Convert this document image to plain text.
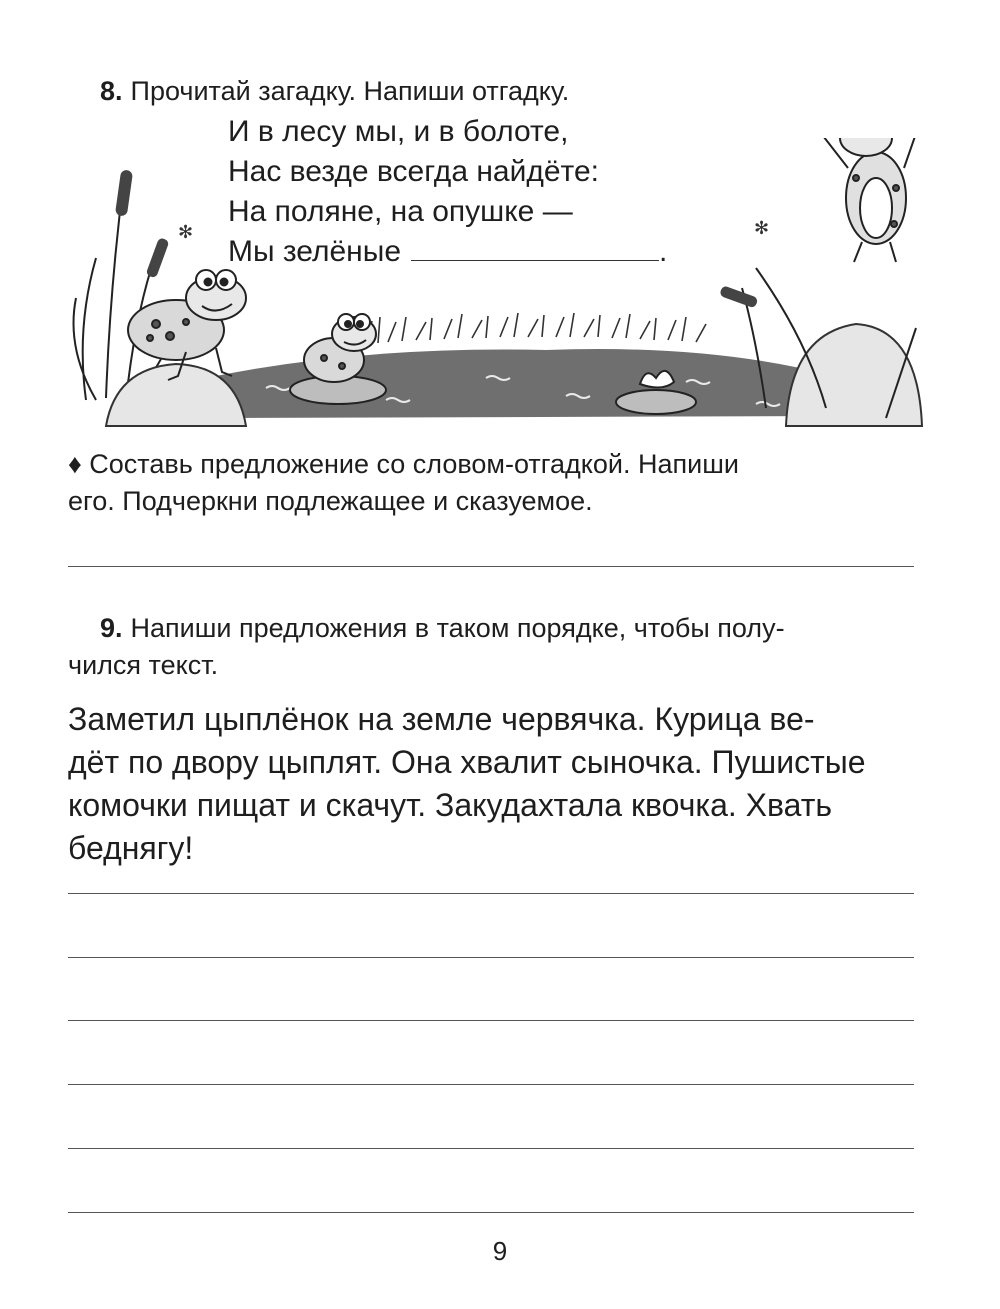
8. Прочитай загадку. Напиши отгадку.
✻	✻
И в лесу мы, и в болоте,
Нас везде всегда найдёте:
На поляне, на опушке —
Мы зелёные	.
♦ Составь предложение со словом-отгадкой. Напиши
его. Подчеркни подлежащее и сказуемое.
9. Напиши предложения в таком порядке, чтобы полу-
чился текст.
Заметил цыплёнок на земле червячка. Курица ве-
дёт по двору цыплят. Она хвалит сыночка. Пушистые
комочки пищат и скачут. Закудахтала квочка. Хвать
беднягу!
9
